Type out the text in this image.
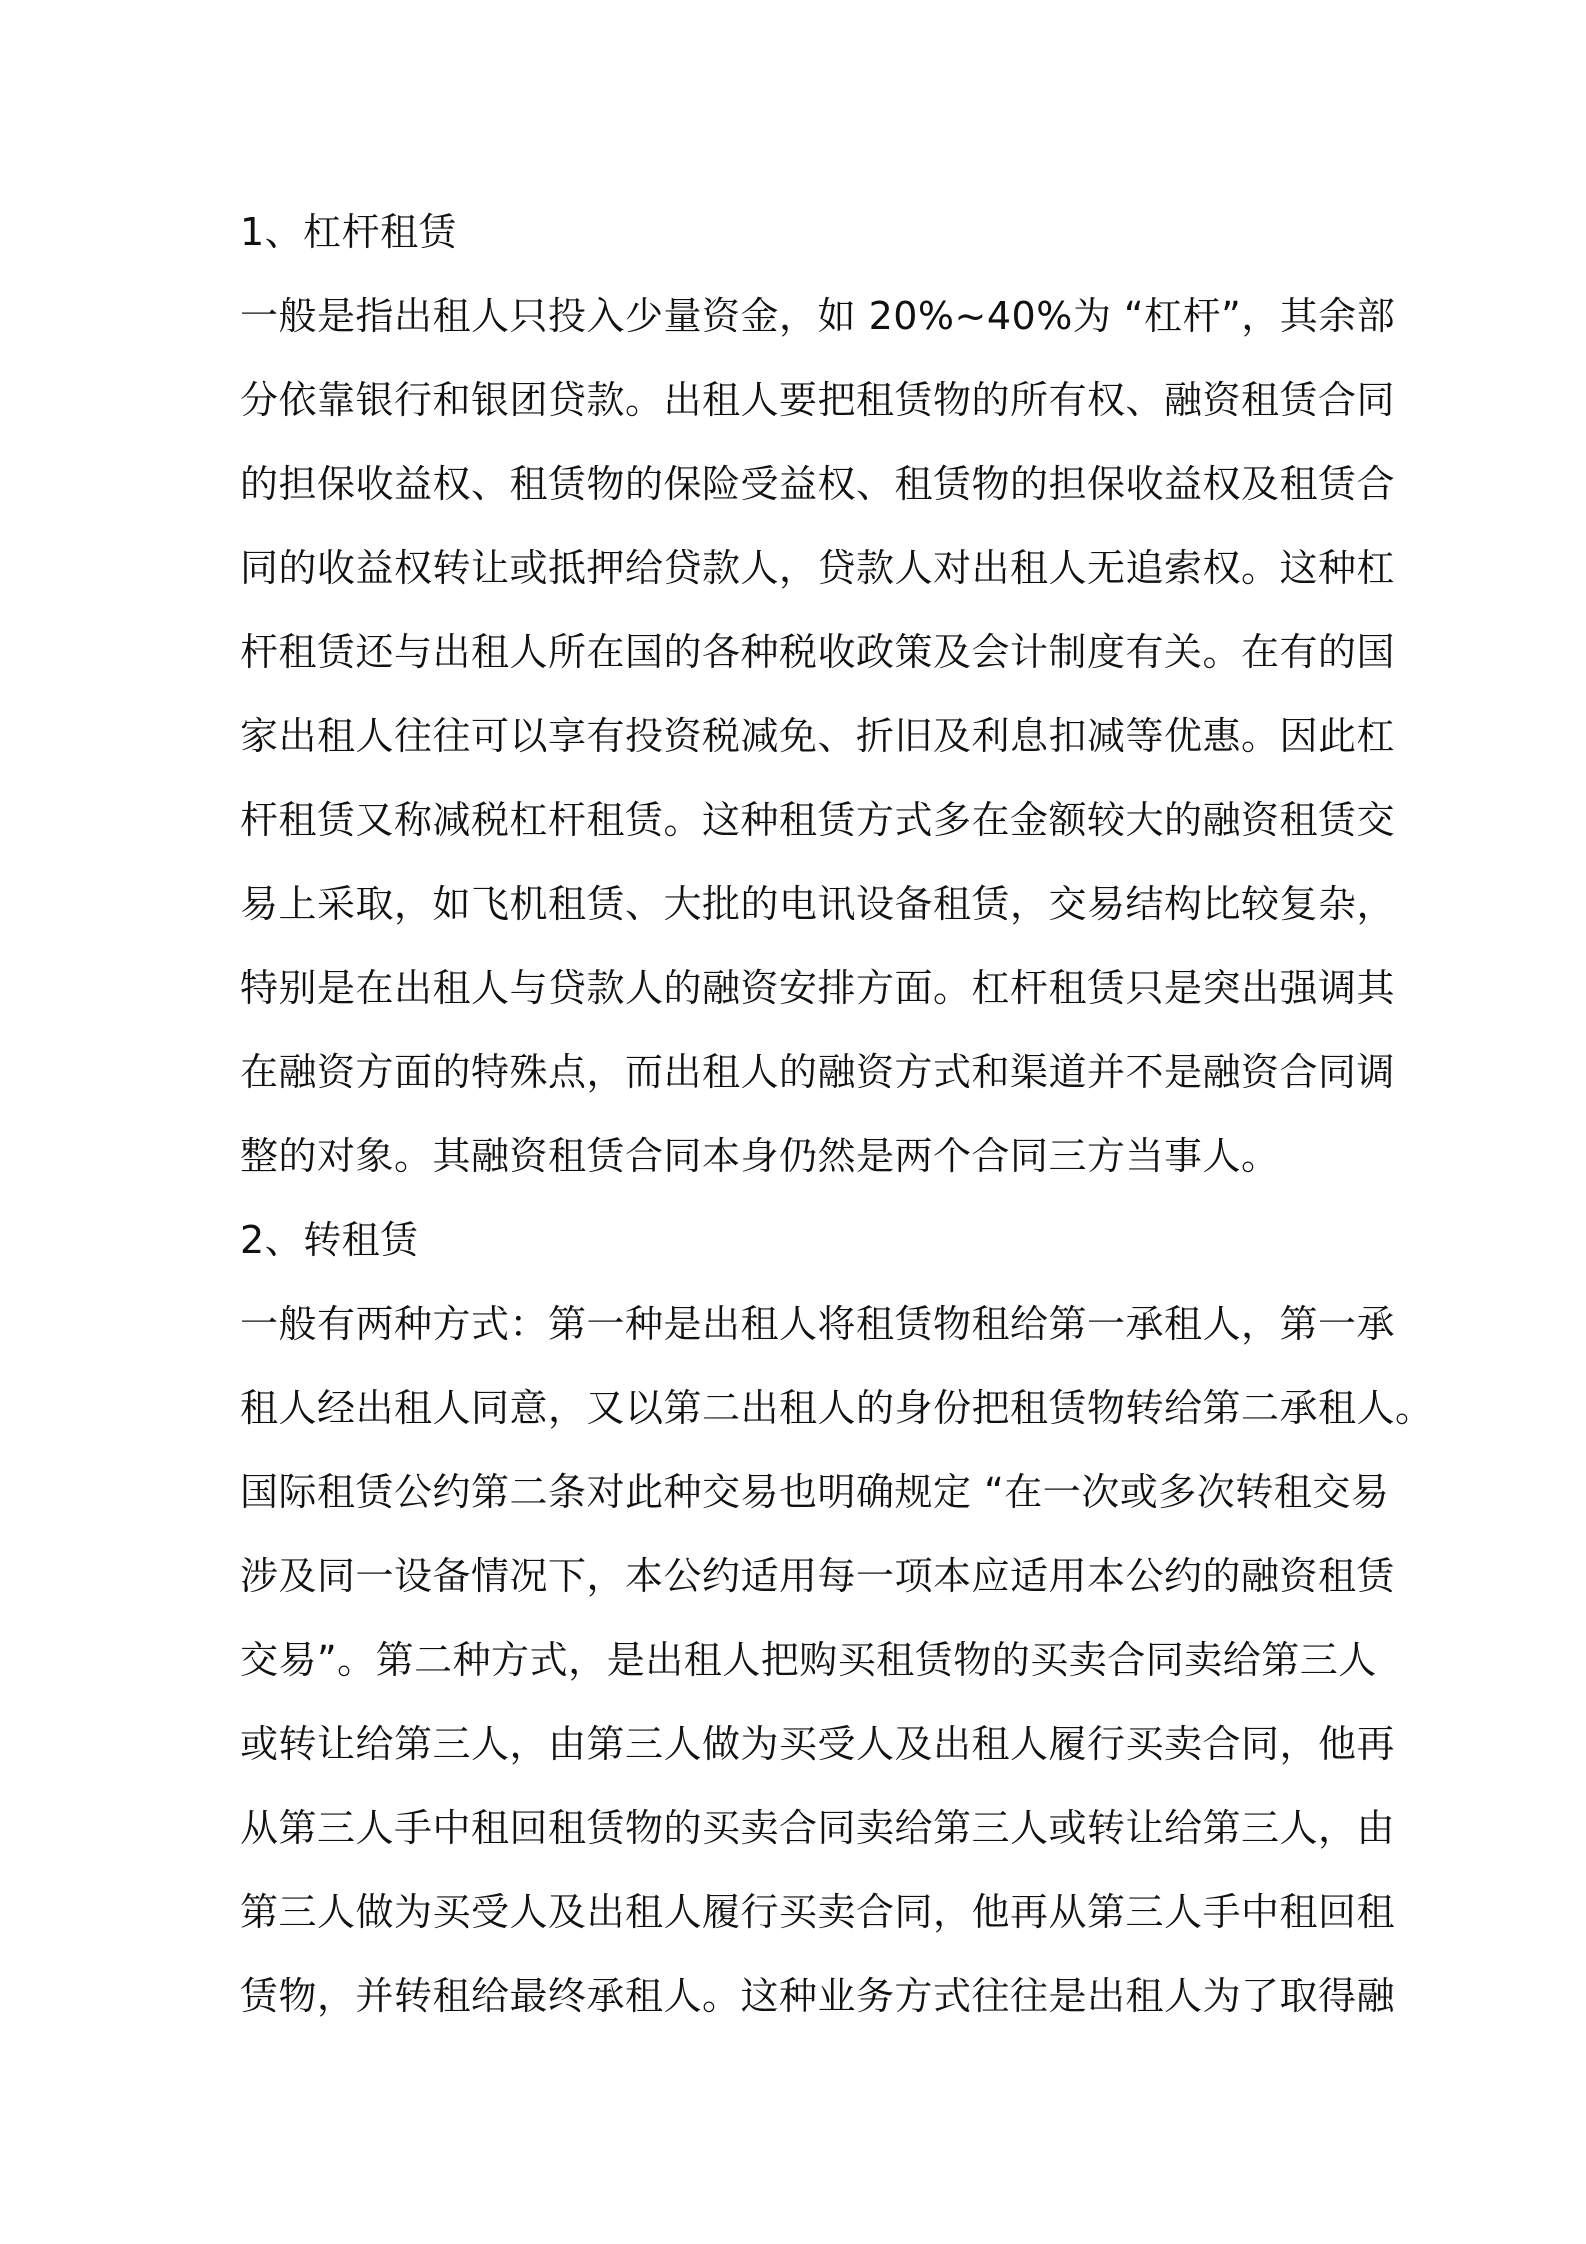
1、杠杆租赁
一般是指出租人只投入少量资金，如 20%~40%为 “杠杆”，其余部
分依靠银行和银团贷款。出租人要把租赁物的所有权、融资租赁合同
的担保收益权、租赁物的保险受益权、租赁物的担保收益权及租赁合
同的收益权转让或抵押给贷款人，贷款人对出租人无追索权。这种杠
杆租赁还与出租人所在国的各种税收政策及会计制度有关。在有的国
家出租人往往可以享有投资税减免、折旧及利息扣减等优惠。因此杠
杆租赁又称减税杠杆租赁。这种租赁方式多在金额较大的融资租赁交
易上采取，如飞机租赁、大批的电讯设备租赁，交易结构比较复杂，
特别是在出租人与贷款人的融资安排方面。杠杆租赁只是突出强调其
在融资方面的特殊点，而出租人的融资方式和渠道并不是融资合同调
整的对象。其融资租赁合同本身仍然是两个合同三方当事人。
2、转租赁
一般有两种方式：第一种是出租人将租赁物租给第一承租人，第一承
租人经出租人同意，又以第二出租人的身份把租赁物转给第二承租人。
国际租赁公约第二条对此种交易也明确规定 “在一次或多次转租交易
涉及同一设备情况下，本公约适用每一项本应适用本公约的融资租赁
交易”。第二种方式，是出租人把购买租赁物的买卖合同卖给第三人
或转让给第三人，由第三人做为买受人及出租人履行买卖合同，他再
从第三人手中租回租赁物的买卖合同卖给第三人或转让给第三人，由
第三人做为买受人及出租人履行买卖合同，他再从第三人手中租回租
赁物，并转租给最终承租人。这种业务方式往往是出租人为了取得融
